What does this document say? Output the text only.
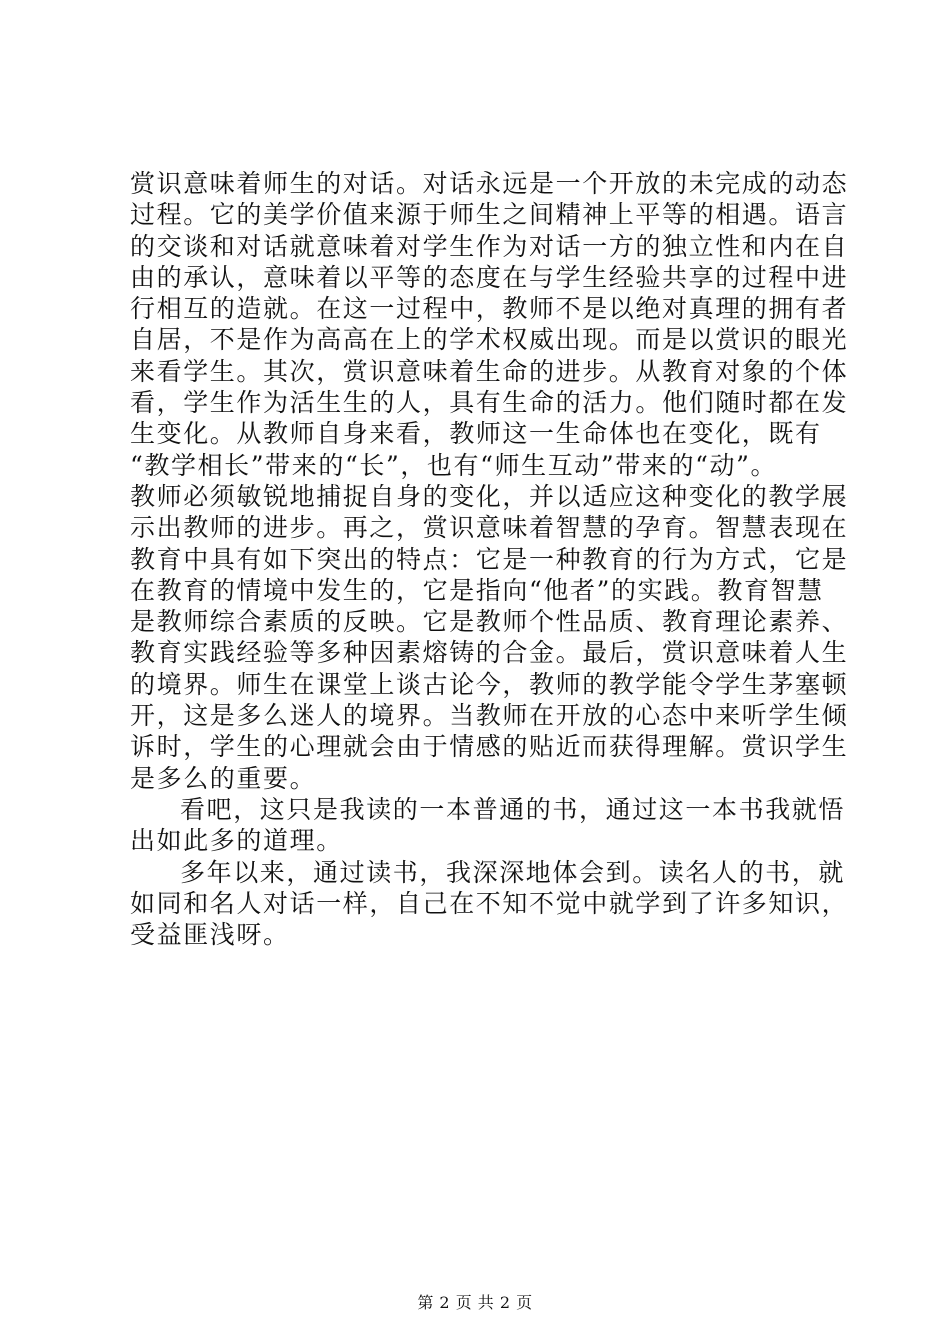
赏识意味着师生的对话。对话永远是一个开放的未完成的动态
过程。它的美学价值来源于师生之间精神上平等的相遇。语言
的交谈和对话就意味着对学生作为对话一方的独立性和内在自
由的承认，意味着以平等的态度在与学生经验共享的过程中进
行相互的造就。在这一过程中，教师不是以绝对真理的拥有者
自居，不是作为高高在上的学术权威出现。而是以赏识的眼光
来看学生。其次，赏识意味着生命的进步。从教育对象的个体
看，学生作为活生生的人，具有生命的活力。他们随时都在发
生变化。从教师自身来看，教师这一生命体也在变化，既有
“教学相长”带来的“长”，也有“师生互动”带来的“动”。
教师必须敏锐地捕捉自身的变化，并以适应这种变化的教学展
示出教师的进步。再之，赏识意味着智慧的孕育。智慧表现在
教育中具有如下突出的特点：它是一种教育的行为方式，它是
在教育的情境中发生的，它是指向“他者”的实践。教育智慧
是教师综合素质的反映。它是教师个性品质、教育理论素养、
教育实践经验等多种因素熔铸的合金。最后，赏识意味着人生
的境界。师生在课堂上谈古论今，教师的教学能令学生茅塞顿
开，这是多么迷人的境界。当教师在开放的心态中来听学生倾
诉时，学生的心理就会由于情感的贴近而获得理解。赏识学生
是多么的重要。
看吧，这只是我读的一本普通的书，通过这一本书我就悟
出如此多的道理。
多年以来，通过读书，我深深地体会到。读名人的书，就
如同和名人对话一样，自己在不知不觉中就学到了许多知识，
受益匪浅呀。
第 2 页 共 2 页
